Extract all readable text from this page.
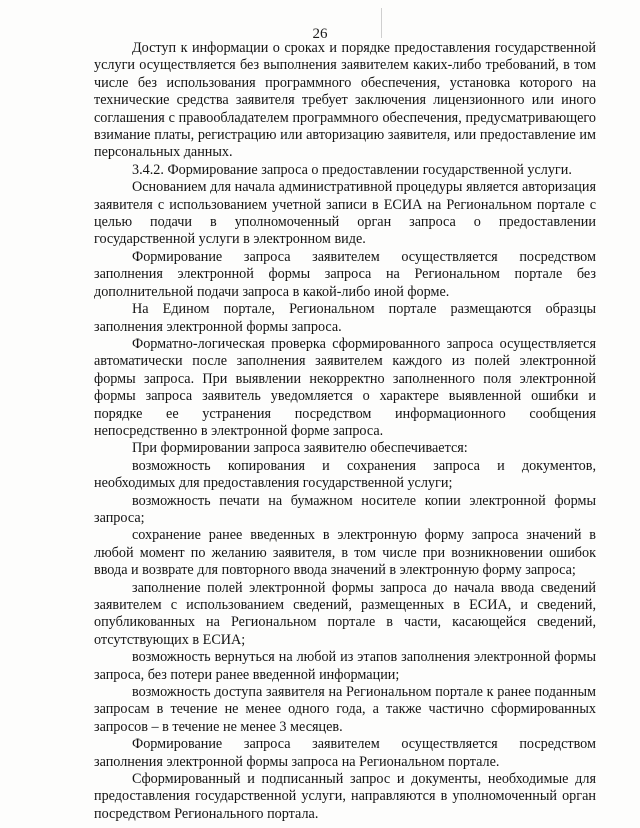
26

Доступ к информации о сроках и порядке предоставления государственной услуги осуществляется без выполнения заявителем каких-либо требований, в том числе без использования программного обеспечения, установка которого на технические средства заявителя требует заключения лицензионного или иного соглашения с правообладателем программного обеспечения, предусматривающего взимание платы, регистрацию или авторизацию заявителя, или предоставление им персональных данных.

3.4.2. Формирование запроса о предоставлении государственной услуги.

Основанием для начала административной процедуры является авторизация заявителя с использованием учетной записи в ЕСИА на Региональном портале с целью подачи в уполномоченный орган запроса о предоставлении государственной услуги в электронном виде.

Формирование запроса заявителем осуществляется посредством заполнения электронной формы запроса на Региональном портале без дополнительной подачи запроса в какой-либо иной форме.

На Едином портале, Региональном портале размещаются образцы заполнения электронной формы запроса.

Форматно-логическая проверка сформированного запроса осуществляется автоматически после заполнения заявителем каждого из полей электронной формы запроса. При выявлении некорректно заполненного поля электронной формы запроса заявитель уведомляется о характере выявленной ошибки и порядке ее устранения посредством информационного сообщения непосредственно в электронной форме запроса.

При формировании запроса заявителю обеспечивается:

возможность копирования и сохранения запроса и документов, необходимых для предоставления государственной услуги;

возможность печати на бумажном носителе копии электронной формы запроса;

сохранение ранее введенных в электронную форму запроса значений в любой момент по желанию заявителя, в том числе при возникновении ошибок ввода и возврате для повторного ввода значений в электронную форму запроса;

заполнение полей электронной формы запроса до начала ввода сведений заявителем с использованием сведений, размещенных в ЕСИА, и сведений, опубликованных на Региональном портале в части, касающейся сведений, отсутствующих в ЕСИА;

возможность вернуться на любой из этапов заполнения электронной формы запроса, без потери ранее введенной информации;

возможность доступа заявителя на Региональном портале к ранее поданным запросам в течение не менее одного года, а также частично сформированных запросов – в течение не менее 3 месяцев.

Формирование запроса заявителем осуществляется посредством заполнения электронной формы запроса на Региональном портале.

Сформированный и подписанный запрос и документы, необходимые для предоставления государственной услуги, направляются в уполномоченный орган посредством Регионального портала.
